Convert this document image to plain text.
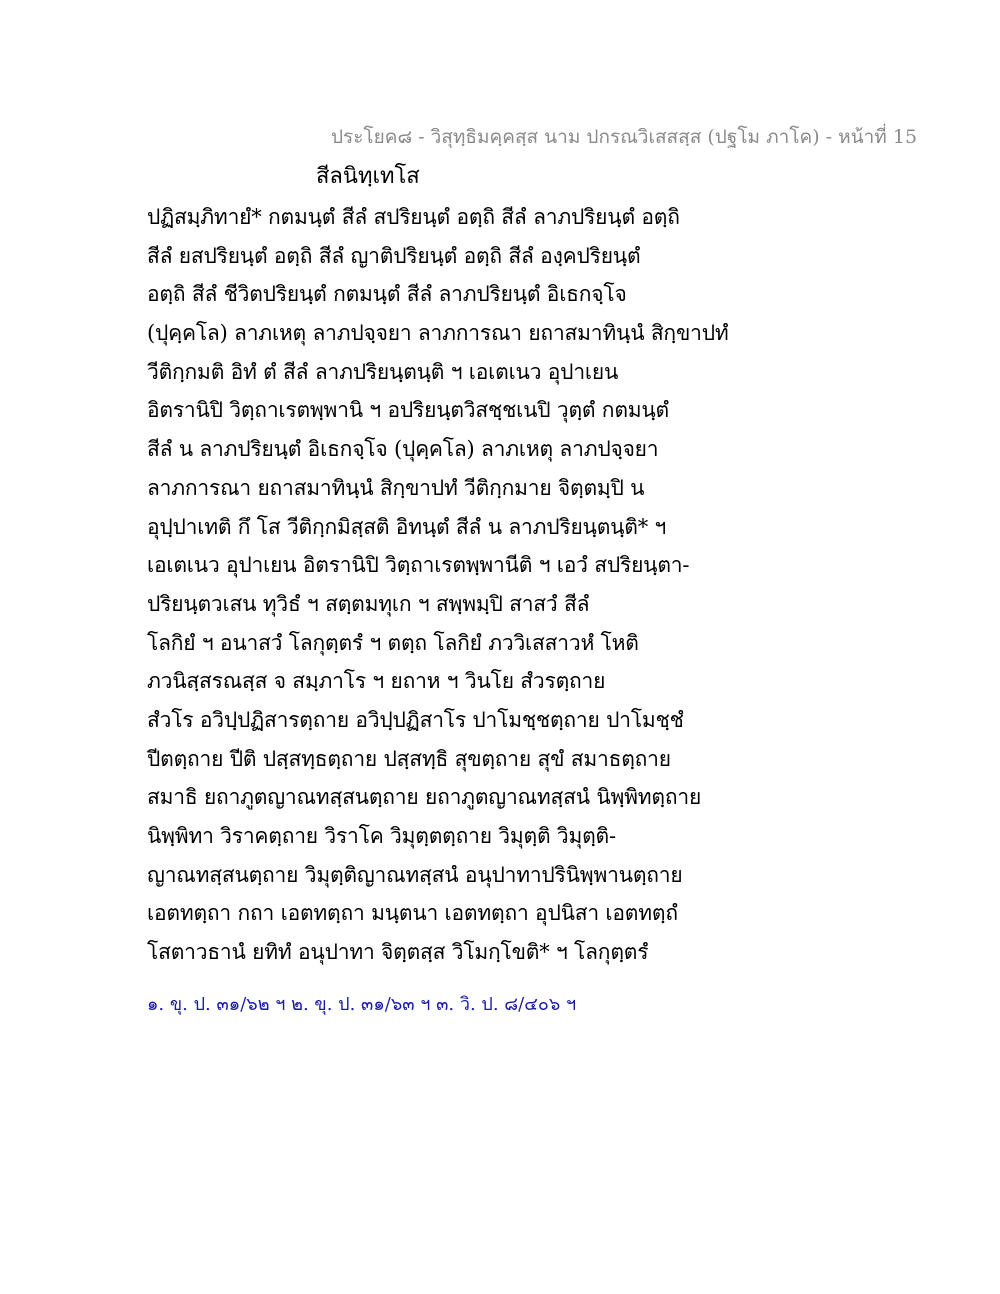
ประโยค๘ - วิสุทฺธิมคฺคสฺส นาม ปกรณวิเสสสฺส (ปฐโม ภาโค) - หน้าที่ 15
สีลนิทฺเทโส
ปฏิสมฺภิทายํ* กตมนฺตํ สีลํ สปริยนฺตํ อตฺถิ สีลํ ลาภปริยนฺตํ อตฺถิ
สีลํ ยสปริยนฺตํ อตฺถิ สีลํ ญาติปริยนฺตํ อตฺถิ สีลํ องฺคปริยนฺตํ
อตฺถิ สีลํ ชีวิตปริยนฺตํ กตมนฺตํ สีลํ ลาภปริยนฺตํ อิเธกจฺโจ
(ปุคฺคโล) ลาภเหตุ ลาภปจฺจยา ลาภการณา ยถาสมาทินฺนํ สิกฺขาปทํ
วีติกฺกมติ อิทํ ตํ สีลํ ลาภปริยนฺตนฺติ ฯ เอเตเนว อุปาเยน
อิตรานิปิ วิตฺถาเรตพฺพานิ ฯ อปริยนฺตวิสชฺชเนปิ วุตฺตํ กตมนฺตํ
สีลํ น ลาภปริยนฺตํ อิเธกจฺโจ (ปุคฺคโล) ลาภเหตุ ลาภปจฺจยา
ลาภการณา ยถาสมาทินฺนํ สิกฺขาปทํ วีติกฺกมาย จิตฺตมฺปิ น
อุปฺปาเทติ กึ โส วีติกฺกมิสฺสติ อิทนฺตํ สีลํ น ลาภปริยนฺตนฺติ* ฯ
เอเตเนว อุปาเยน อิตรานิปิ วิตฺถาเรตพฺพานีติ ฯ เอวํ สปริยนฺตา-
ปริยนฺตวเสน ทุวิธํ ฯ สตฺตมทุเก ฯ สพฺพมฺปิ สาสวํ สีลํ
โลกิยํ ฯ อนาสวํ โลกุตฺตรํ ฯ ตตฺถ โลกิยํ ภววิเสสาวหํ โหติ
ภวนิสฺสรณสฺส จ สมฺภาโร ฯ ยถาห ฯ วินโย สํวรตฺถาย
สํวโร อวิปฺปฏิสารตฺถาย อวิปฺปฏิสาโร ปาโมชฺชตฺถาย ปาโมชฺชํ
ปีตตฺถาย ปีติ ปสฺสทฺธตฺถาย ปสฺสทฺธิ สุขตฺถาย สุขํ สมาธตฺถาย
สมาธิ ยถาภูตญาณทสฺสนตฺถาย ยถาภูตญาณทสฺสนํ นิพฺพิทตฺถาย
นิพฺพิทา วิราคตฺถาย วิราโค วิมุตฺตตฺถาย วิมุตฺติ วิมุตฺติ-
ญาณทสฺสนตฺถาย วิมุตฺติญาณทสฺสนํ อนุปาทาปรินิพฺพานตฺถาย
เอตทตฺถา กถา เอตทตฺถา มนฺตนา เอตทตฺถา อุปนิสา เอตทตฺถํ
โสตาวธานํ ยทิทํ อนุปาทา จิตฺตสฺส วิโมกฺโขติ* ฯ โลกุตฺตรํ
๑. ขุ. ป. ๓๑/๖๒ ฯ ๒. ขุ. ป. ๓๑/๖๓ ฯ ๓. วิ. ป. ๘/๔๐๖ ฯ
